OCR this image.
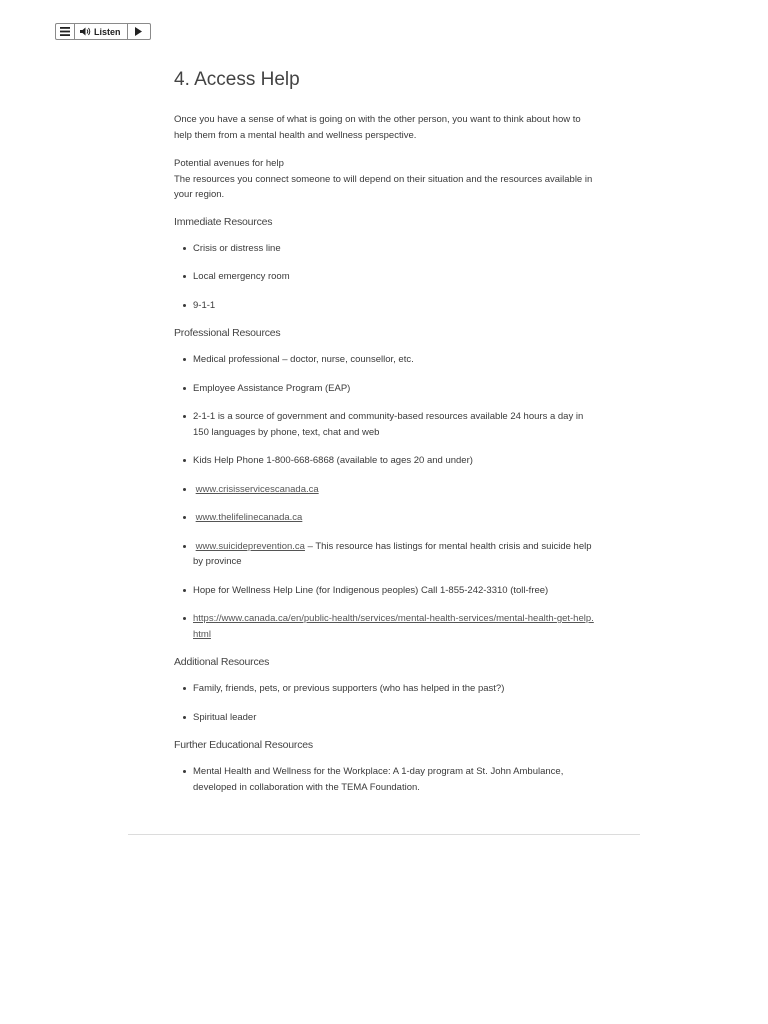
Listen
4. Access Help

Once you have a sense of what is going on with the other person, you want to think about how to help them from a mental health and wellness perspective.

Potential avenues for help

The resources you connect someone to will depend on their situation and the resources available in your region.

Immediate Resources
Crisis or distress line
Local emergency room
9-1-1
Professional Resources
Medical professional – doctor, nurse, counsellor, etc.
Employee Assistance Program (EAP)
2-1-1 is a source of government and community-based resources available 24 hours a day in 150 languages by phone, text, chat and web
Kids Help Phone 1-800-668-6868 (available to ages 20 and under)
www.crisisservicescanada.ca
www.thelifelinecanada.ca
www.suicideprevention.ca – This resource has listings for mental health crisis and suicide help by province
Hope for Wellness Help Line (for Indigenous peoples) Call 1-855-242-3310 (toll-free)
https://www.canada.ca/en/public-health/services/mental-health-services/mental-health-get-help.html
Additional Resources
Family, friends, pets, or previous supporters (who has helped in the past?)
Spiritual leader
Further Educational Resources
Mental Health and Wellness for the Workplace: A 1-day program at St. John Ambulance, developed in collaboration with the TEMA Foundation.
